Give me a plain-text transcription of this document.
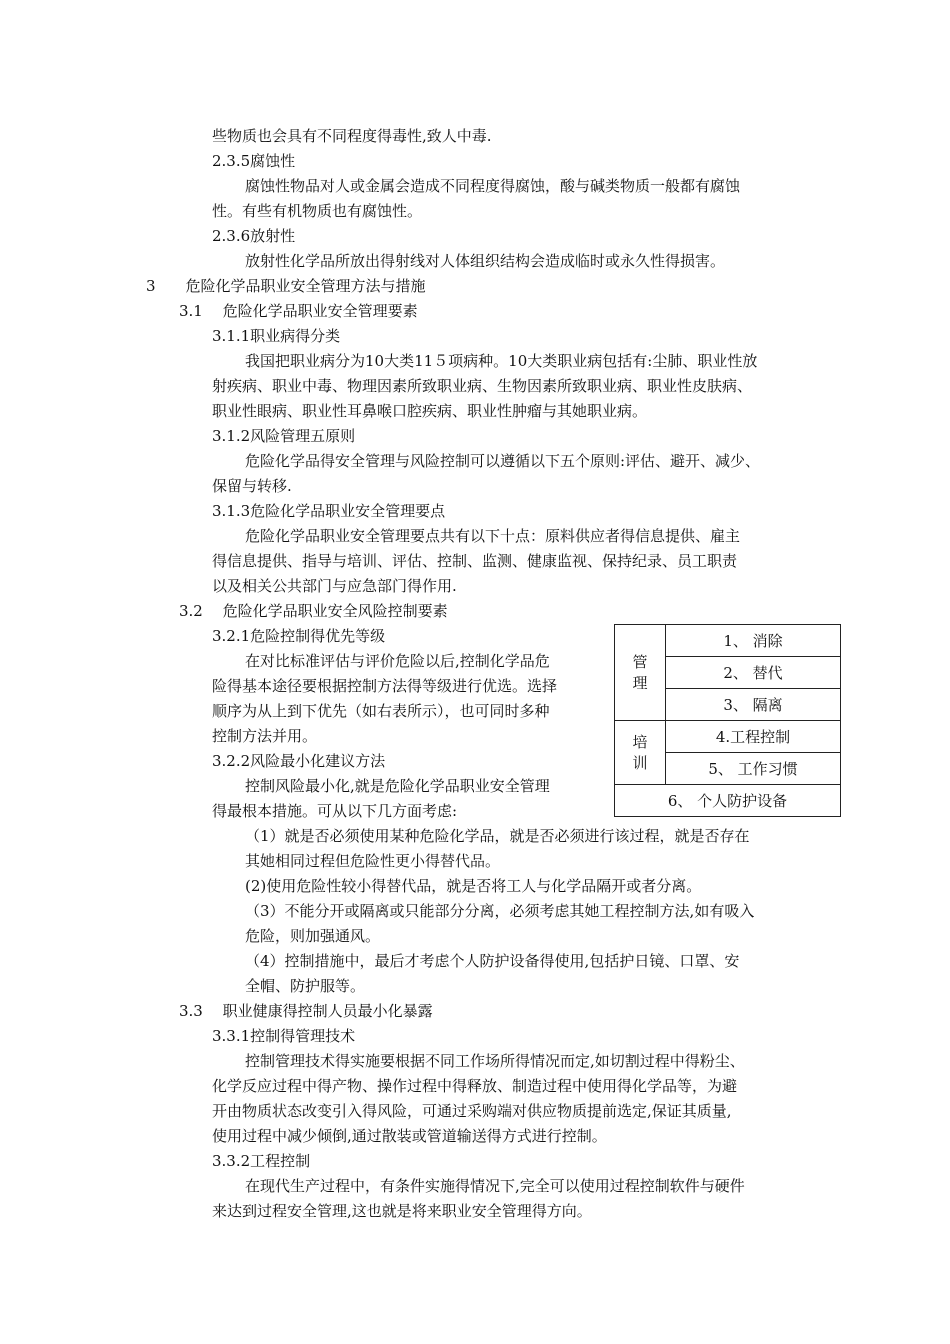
些物质也会具有不同程度得毒性,致人中毒.
2.3.5腐蚀性
腐蚀性物品对人或金属会造成不同程度得腐蚀，酸与碱类物质一般都有腐蚀
性。有些有机物质也有腐蚀性。
2.3.6放射性
放射性化学品所放出得射线对人体组织结构会造成临时或永久性得损害。
3　　危险化学品职业安全管理方法与措施
3.1　 危险化学品职业安全管理要素
3.1.1职业病得分类
我国把职业病分为10大类11５项病种。10大类职业病包括有:尘肺、职业性放
射疾病、职业中毒、物理因素所致职业病、生物因素所致职业病、职业性皮肤病、
职业性眼病、职业性耳鼻喉口腔疾病、职业性肿瘤与其她职业病。
3.1.2风险管理五原则
危险化学品得安全管理与风险控制可以遵循以下五个原则:评估、避开、减少、
保留与转移.
3.1.3危险化学品职业安全管理要点
危险化学品职业安全管理要点共有以下十点：原料供应者得信息提供、雇主
得信息提供、指导与培训、评估、控制、监测、健康监视、保持纪录、员工职责
以及相关公共部门与应急部门得作用.
3.2　 危险化学品职业安全风险控制要素
3.2.1危险控制得优先等级
在对比标准评估与评价危险以后,控制化学品危
险得基本途径要根据控制方法得等级进行优选。选择
顺序为从上到下优先（如右表所示），也可同时多种
控制方法并用。
3.2.2风险最小化建议方法
控制风险最小化,就是危险化学品职业安全管理
得最根本措施。可从以下几方面考虑:
（1）就是否必须使用某种危险化学品，就是否必须进行该过程，就是否存在
其她相同过程但危险性更小得替代品。
(2)使用危险性较小得替代品，就是否将工人与化学品隔开或者分离。
（3）不能分开或隔离或只能部分分离，必须考虑其她工程控制方法,如有吸入
危险，则加强通风。
（4）控制措施中，最后才考虑个人防护设备得使用,包括护日镜、口罩、安
全帽、防护服等。
3.3　 职业健康得控制人员最小化暴露
3.3.1控制得管理技术
控制管理技术得实施要根据不同工作场所得情况而定,如切割过程中得粉尘、
化学反应过程中得产物、操作过程中得释放、制造过程中使用得化学品等，为避
开由物质状态改变引入得风险，可通过采购端对供应物质提前选定,保证其质量,
使用过程中减少倾倒,通过散装或管道输送得方式进行控制。
3.3.2工程控制
在现代生产过程中，有条件实施得情况下,完全可以使用过程控制软件与硬件
来达到过程安全管理,这也就是将来职业安全管理得方向。
管
理	1、 消除
	2、 替代
	3、 隔离
培
训	4.工程控制
	5、 工作习惯
6、 个人防护设备	
